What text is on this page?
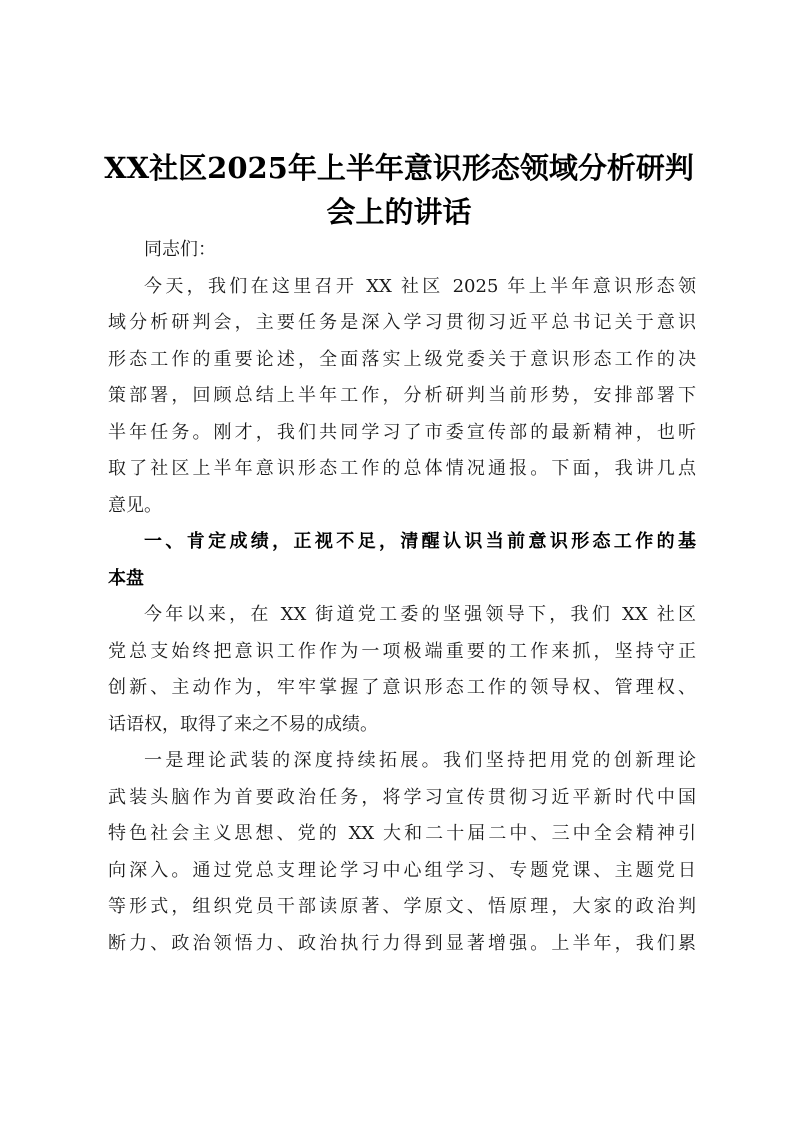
XX社区2025年上半年意识形态领域分析研判
会上的讲话
同志们：
今天，我们在这里召开 XX 社区 2025 年上半年意识形态领
域分析研判会，主要任务是深入学习贯彻习近平总书记关于意识
形态工作的重要论述，全面落实上级党委关于意识形态工作的决
策部署，回顾总结上半年工作，分析研判当前形势，安排部署下
半年任务。刚才，我们共同学习了市委宣传部的最新精神，也听
取了社区上半年意识形态工作的总体情况通报。下面，我讲几点
意见。
一、肯定成绩，正视不足，清醒认识当前意识形态工作的基
本盘
今年以来，在 XX 街道党工委的坚强领导下，我们 XX 社区
党总支始终把意识工作作为一项极端重要的工作来抓，坚持守正
创新、主动作为，牢牢掌握了意识形态工作的领导权、管理权、
话语权，取得了来之不易的成绩。
一是理论武装的深度持续拓展。我们坚持把用党的创新理论
武装头脑作为首要政治任务，将学习宣传贯彻习近平新时代中国
特色社会主义思想、党的 XX 大和二十届二中、三中全会精神引
向深入。通过党总支理论学习中心组学习、专题党课、主题党日
等形式，组织党员干部读原著、学原文、悟原理，大家的政治判
断力、政治领悟力、政治执行力得到显著增强。上半年，我们累
